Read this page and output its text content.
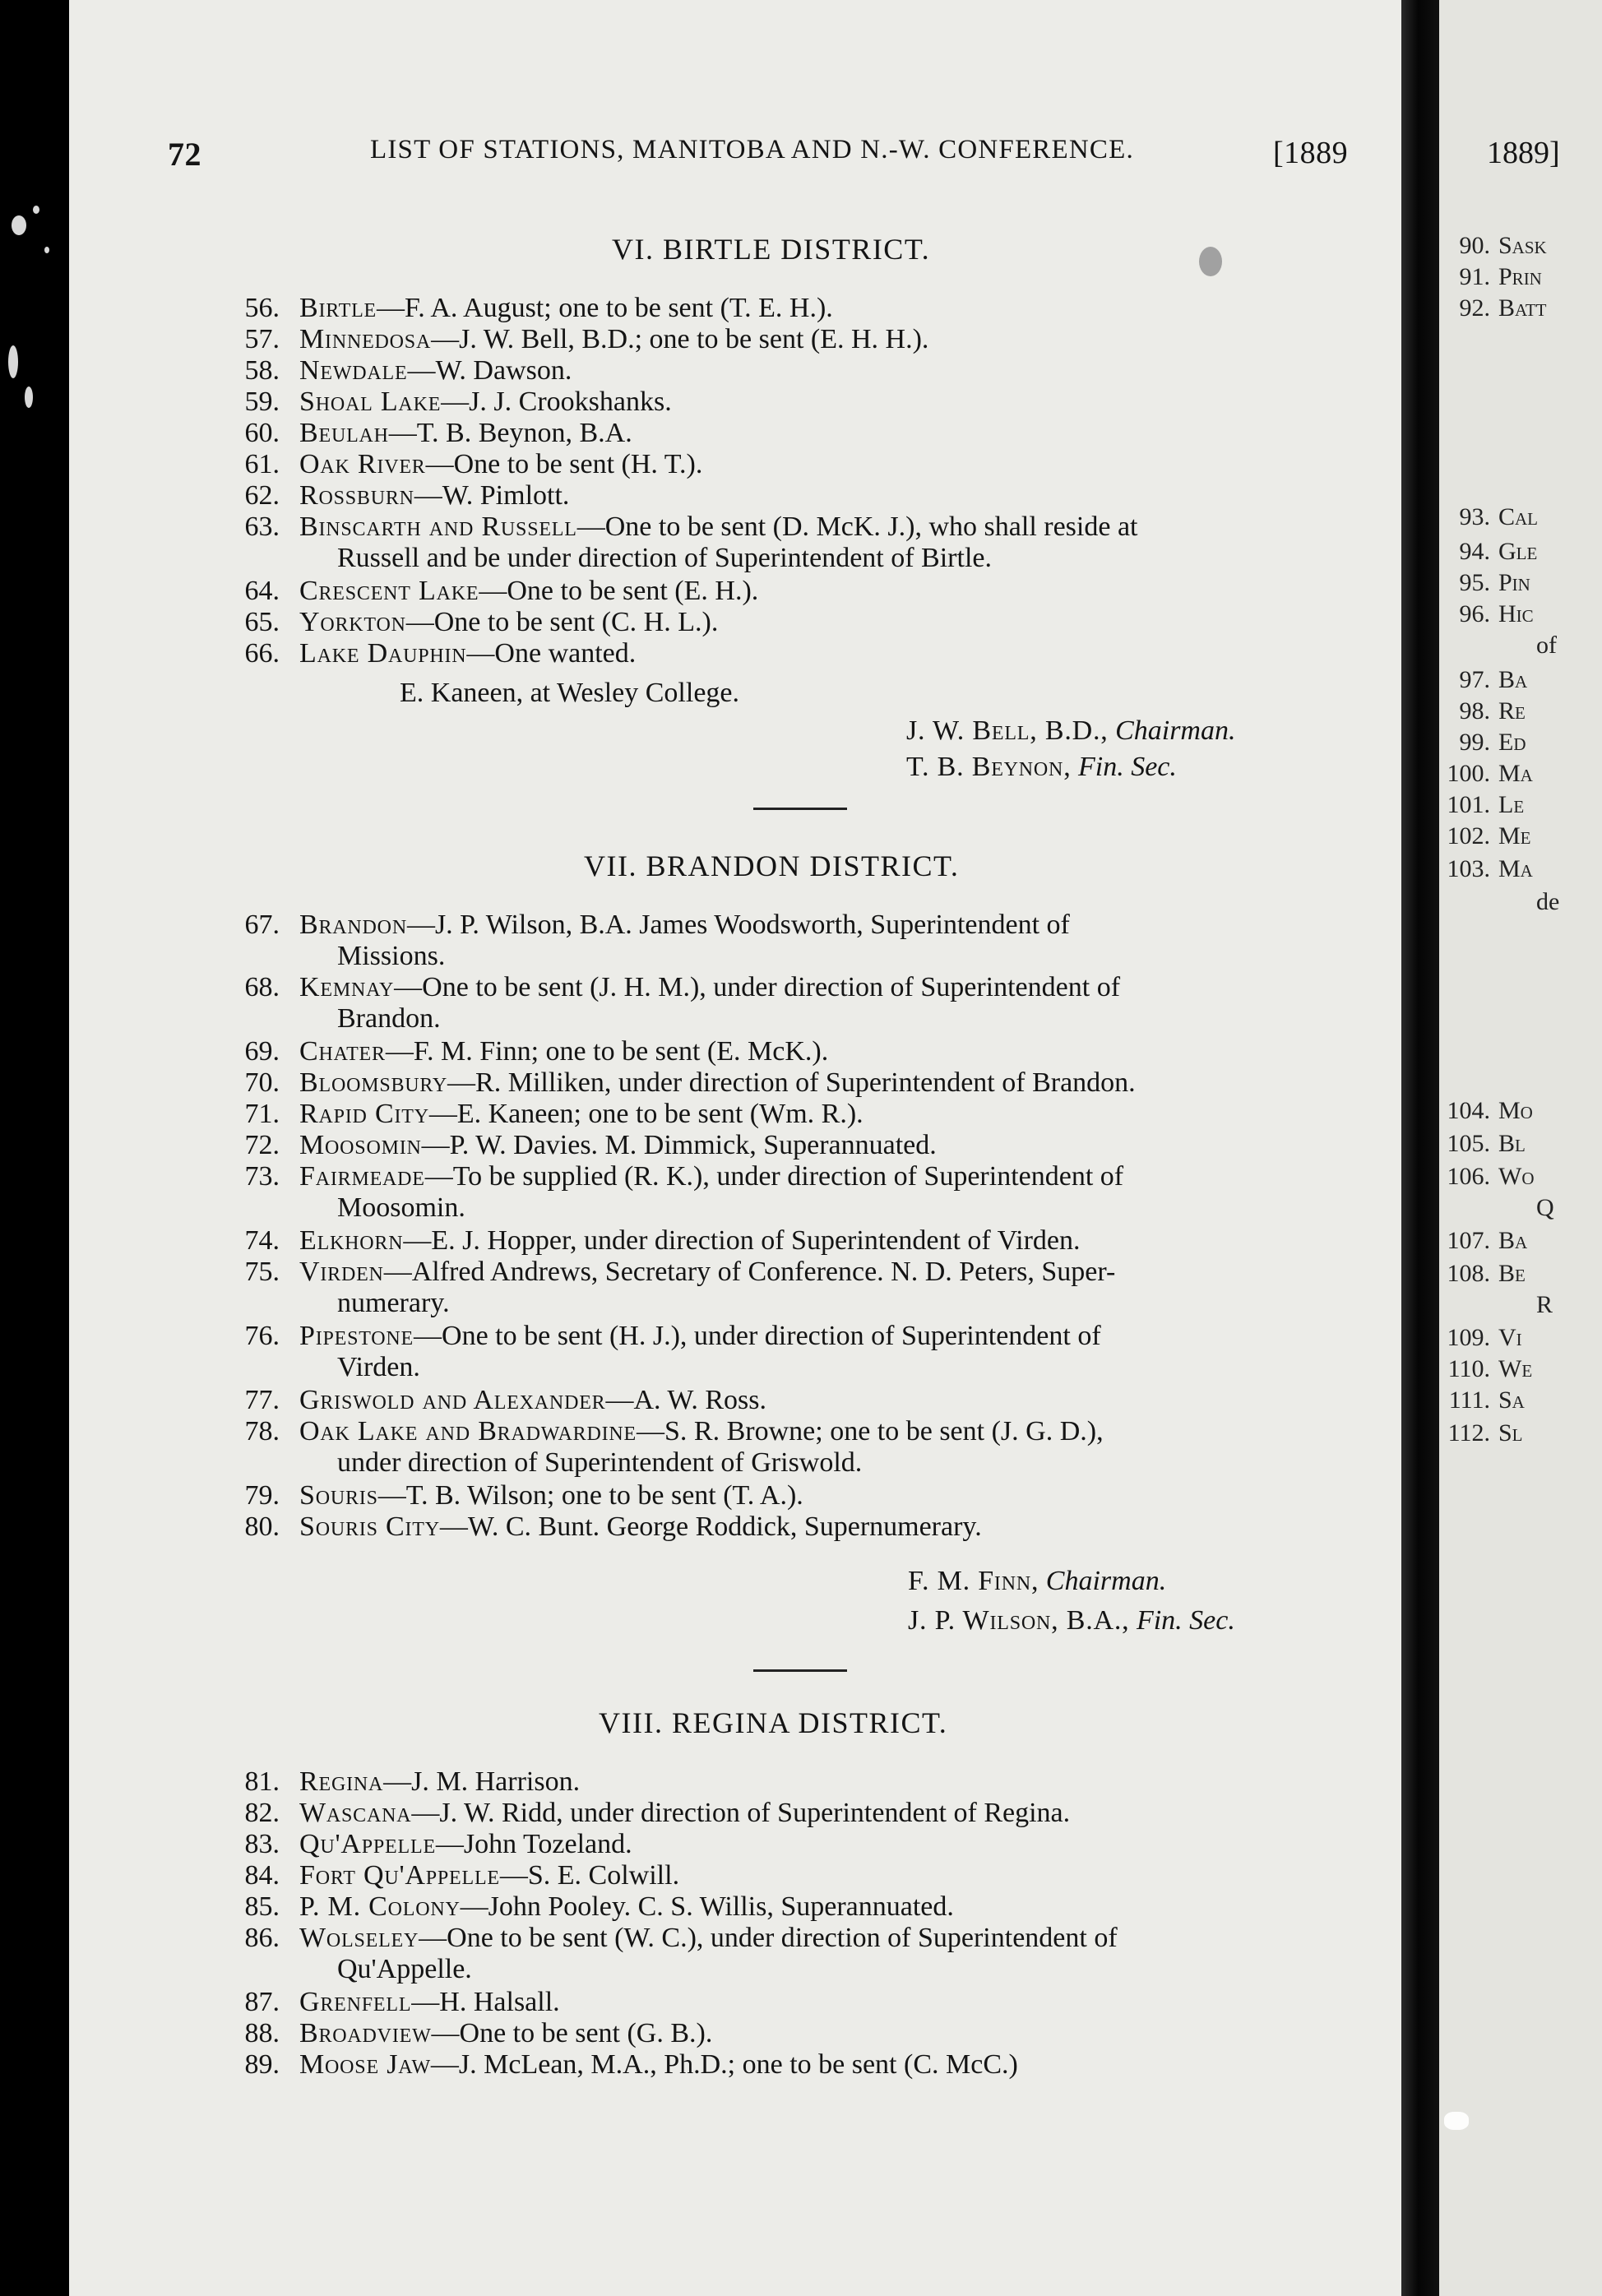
72	LIST OF STATIONS, MANITOBA AND N.-W. CONFERENCE.	[1889
VI. BIRTLE DISTRICT.
56. Birtle—F. A. August; one to be sent (T. E. H.).
57. Minnedosa—J. W. Bell, B.D.; one to be sent (E. H. H.).
58. Newdale—W. Dawson.
59. Shoal Lake—J. J. Crookshanks.
60. Beulah—T. B. Beynon, B.A.
61. Oak River—One to be sent (H. T.).
62. Rossburn—W. Pimlott.
63. Binscarth and Russell—One to be sent (D. McK. J.), who shall reside at
Russell and be under direction of Superintendent of Birtle.
64. Crescent Lake—One to be sent (E. H.).
65. Yorkton—One to be sent (C. H. L.).
66. Lake Dauphin—One wanted.
E. Kaneen, at Wesley College.
J. W. Bell, B.D., Chairman.
T. B. Beynon, Fin. Sec.
VII. BRANDON DISTRICT.
67. Brandon—J. P. Wilson, B.A. James Woodsworth, Superintendent of
Missions.
68. Kemnay—One to be sent (J. H. M.), under direction of Superintendent of
Brandon.
69. Chater—F. M. Finn; one to be sent (E. McK.).
70. Bloomsbury—R. Milliken, under direction of Superintendent of Brandon.
71. Rapid City—E. Kaneen; one to be sent (Wm. R.).
72. Moosomin—P. W. Davies. M. Dimmick, Superannuated.
73. Fairmeade—To be supplied (R. K.), under direction of Superintendent of
Moosomin.
74. Elkhorn—E. J. Hopper, under direction of Superintendent of Virden.
75. Virden—Alfred Andrews, Secretary of Conference. N. D. Peters, Super-
numerary.
76. Pipestone—One to be sent (H. J.), under direction of Superintendent of
Virden.
77. Griswold and Alexander—A. W. Ross.
78. Oak Lake and Bradwardine—S. R. Browne; one to be sent (J. G. D.),
under direction of Superintendent of Griswold.
79. Souris—T. B. Wilson; one to be sent (T. A.).
80. Souris City—W. C. Bunt. George Roddick, Supernumerary.
F. M. Finn, Chairman.
J. P. Wilson, B.A., Fin. Sec.
VIII. REGINA DISTRICT.
81. Regina—J. M. Harrison.
82. Wascana—J. W. Ridd, under direction of Superintendent of Regina.
83. Qu'Appelle—John Tozeland.
84. Fort Qu'Appelle—S. E. Colwill.
85. P. M. Colony—John Pooley. C. S. Willis, Superannuated.
86. Wolseley—One to be sent (W. C.), under direction of Superintendent of
Qu'Appelle.
87. Grenfell—H. Halsall.
88. Broadview—One to be sent (G. B.).
89. Moose Jaw—J. McLean, M.A., Ph.D.; one to be sent (C. McC.)
1889]
90. Sask
91. Prin
92. Batt
93. Cal
94. Gle
95. Pin
96. Hic
of
97. Ba
98. Re
99. Ed
100. Ma
101. Le
102. Me
103. Ma
de
104. Mo
105. Bl
106. Wo
Q
107. Ba
108. Be
R
109. Vi
110. We
111. Sa
112. Sl
